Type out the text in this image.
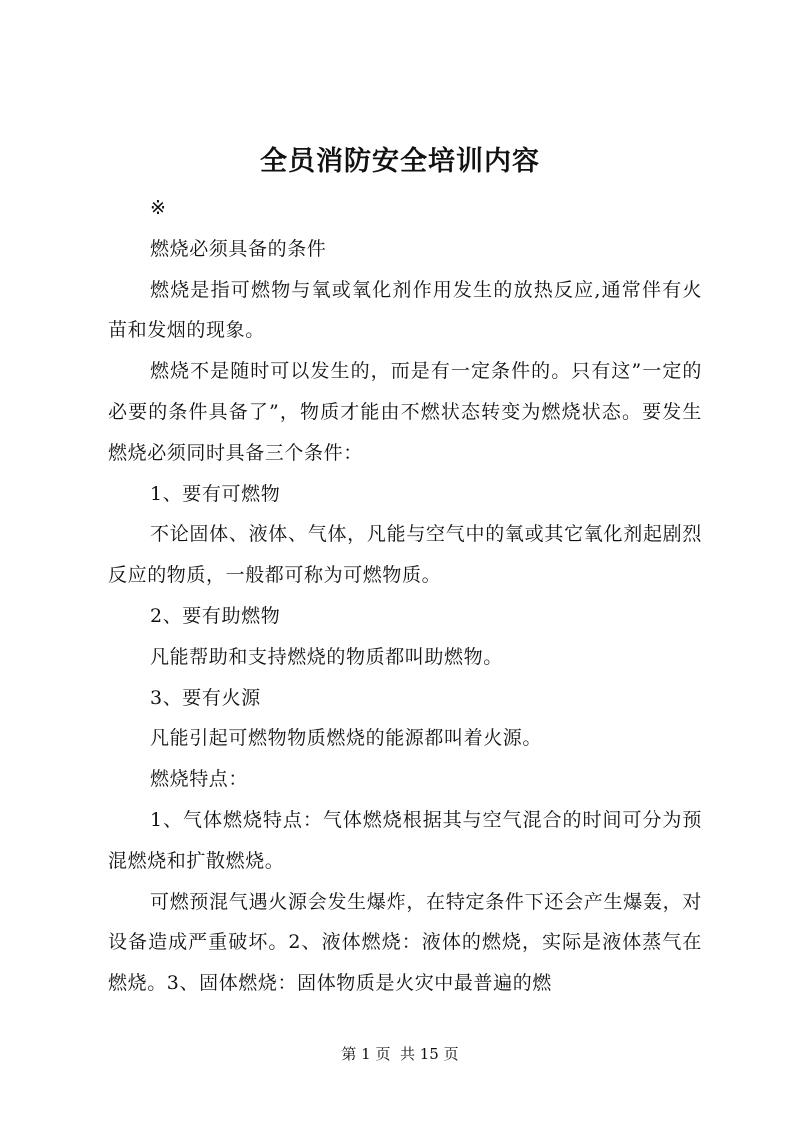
全员消防安全培训内容

※

燃烧必须具备的条件

燃烧是指可燃物与氧或氧化剂作用发生的放热反应,通常伴有火苗和发烟的现象。

燃烧不是随时可以发生的，而是有一定条件的。只有这”一定的必要的条件具备了”，物质才能由不燃状态转变为燃烧状态。要发生燃烧必须同时具备三个条件：

1、要有可燃物

不论固体、液体、气体，凡能与空气中的氧或其它氧化剂起剧烈反应的物质，一般都可称为可燃物质。

2、要有助燃物

凡能帮助和支持燃烧的物质都叫助燃物。

3、要有火源

凡能引起可燃物物质燃烧的能源都叫着火源。

燃烧特点：

1、气体燃烧特点：气体燃烧根据其与空气混合的时间可分为预混燃烧和扩散燃烧。

可燃预混气遇火源会发生爆炸，在特定条件下还会产生爆轰，对设备造成严重破坏。2、液体燃烧：液体的燃烧，实际是液体蒸气在燃烧。3、固体燃烧：固体物质是火灾中最普遍的燃

第 1 页  共 15 页
